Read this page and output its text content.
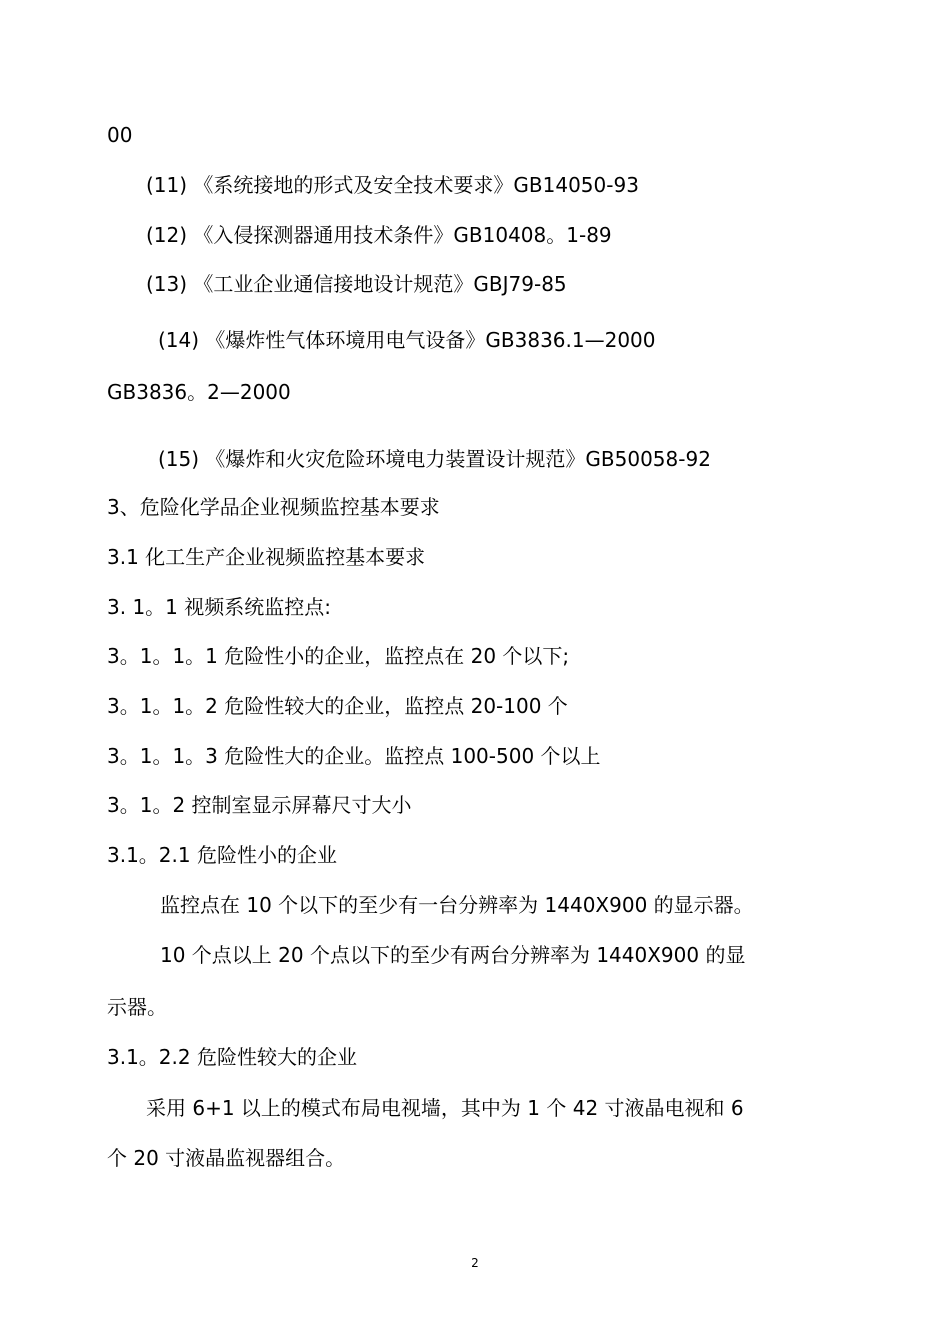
00
(11) 《系统接地的形式及安全技术要求》GB14050-93
(12) 《入侵探测器通用技术条件》GB10408。1-89
(13) 《工业企业通信接地设计规范》GBJ79-85
(14) 《爆炸性气体环境用电气设备》GB3836.1—2000
GB3836。2—2000
(15) 《爆炸和火灾危险环境电力装置设计规范》GB50058-92
3、危险化学品企业视频监控基本要求
3.1 化工生产企业视频监控基本要求
3. 1。1 视频系统监控点:
3。1。1。1 危险性小的企业，监控点在 20 个以下;
3。1。1。2 危险性较大的企业，监控点 20-100 个
3。1。1。3 危险性大的企业。监控点 100-500 个以上
3。1。2 控制室显示屏幕尺寸大小
3.1。2.1 危险性小的企业
监控点在 10 个以下的至少有一台分辨率为 1440X900 的显示器。
10 个点以上 20 个点以下的至少有两台分辨率为 1440X900 的显
示器。
3.1。2.2 危险性较大的企业
采用 6+1 以上的模式布局电视墙，其中为 1 个 42 寸液晶电视和 6
个 20 寸液晶监视器组合。
2
